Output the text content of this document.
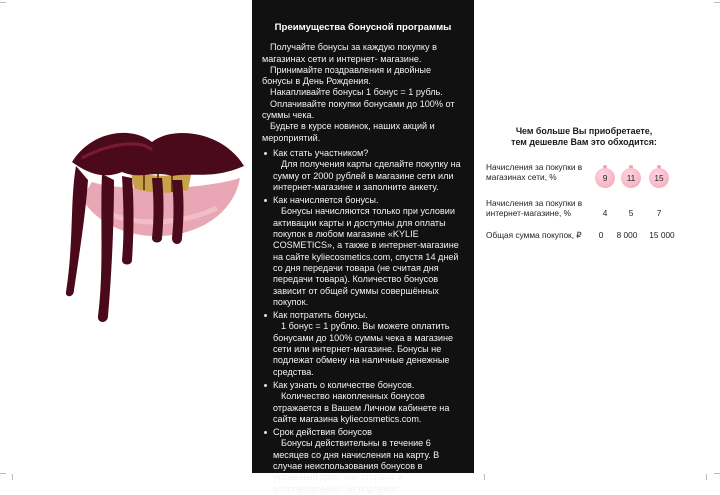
Преимущества бонусной программы

Получайте бонусы за каждую покупку в магазинах сети и интернет- магазине.

Принимайте поздравления и двойные бонусы в День Рождения.

Накапливайте бонусы 1 бонус = 1 рубль.

Оплачивайте покупки бонусами до 100% от суммы чека.

Будьте в курсе новинок, наших акций и мероприятий.

Как стать участником?

Для получения карты сделайте покупку на сумму от 2000 рублей в магазине сети или интернет-магазине и заполните анкету.

Как начисляется бонусы.

Бонусы начисляются только при условии активации карты и доступны для оплаты покупок в любом магазине «KYLIE COSMETICS», а также в интернет-магазине на сайте kyliecosmetics.com, спустя 14 дней со дня передачи товара (не считая дня передачи товара). Количество бонусов зависит от общей суммы совершённых покупок.

Как потратить бонусы.

1 бонус = 1 рублю. Вы можете оплатить бонусами до 100% суммы чека в магазине сети или интернет-магазине. Бонусы не подлежат обмену на наличные денежные средства.

Как узнать о количестве бонусов.

Количество накопленных бонусов отражается в Вашем Личном кабинете на сайте магазина kyliecosmetics.com.

Срок действия бонусов

Бонусы действительны в течение 6 месяцев со дня начисления на карту. В случае неиспользования бонусов в указанный срок, они сгорают и восстановлению не подлежат.

Чем больше Вы приобретаете,
тем дешевле Вам это обходится:
Начисления за покупки в магазинах сети, %	9	11	15
Начисления за покупки в интернет-магазине, %	4	5	7
Общая сумма покупок, ₽	0	8 000	15 000
